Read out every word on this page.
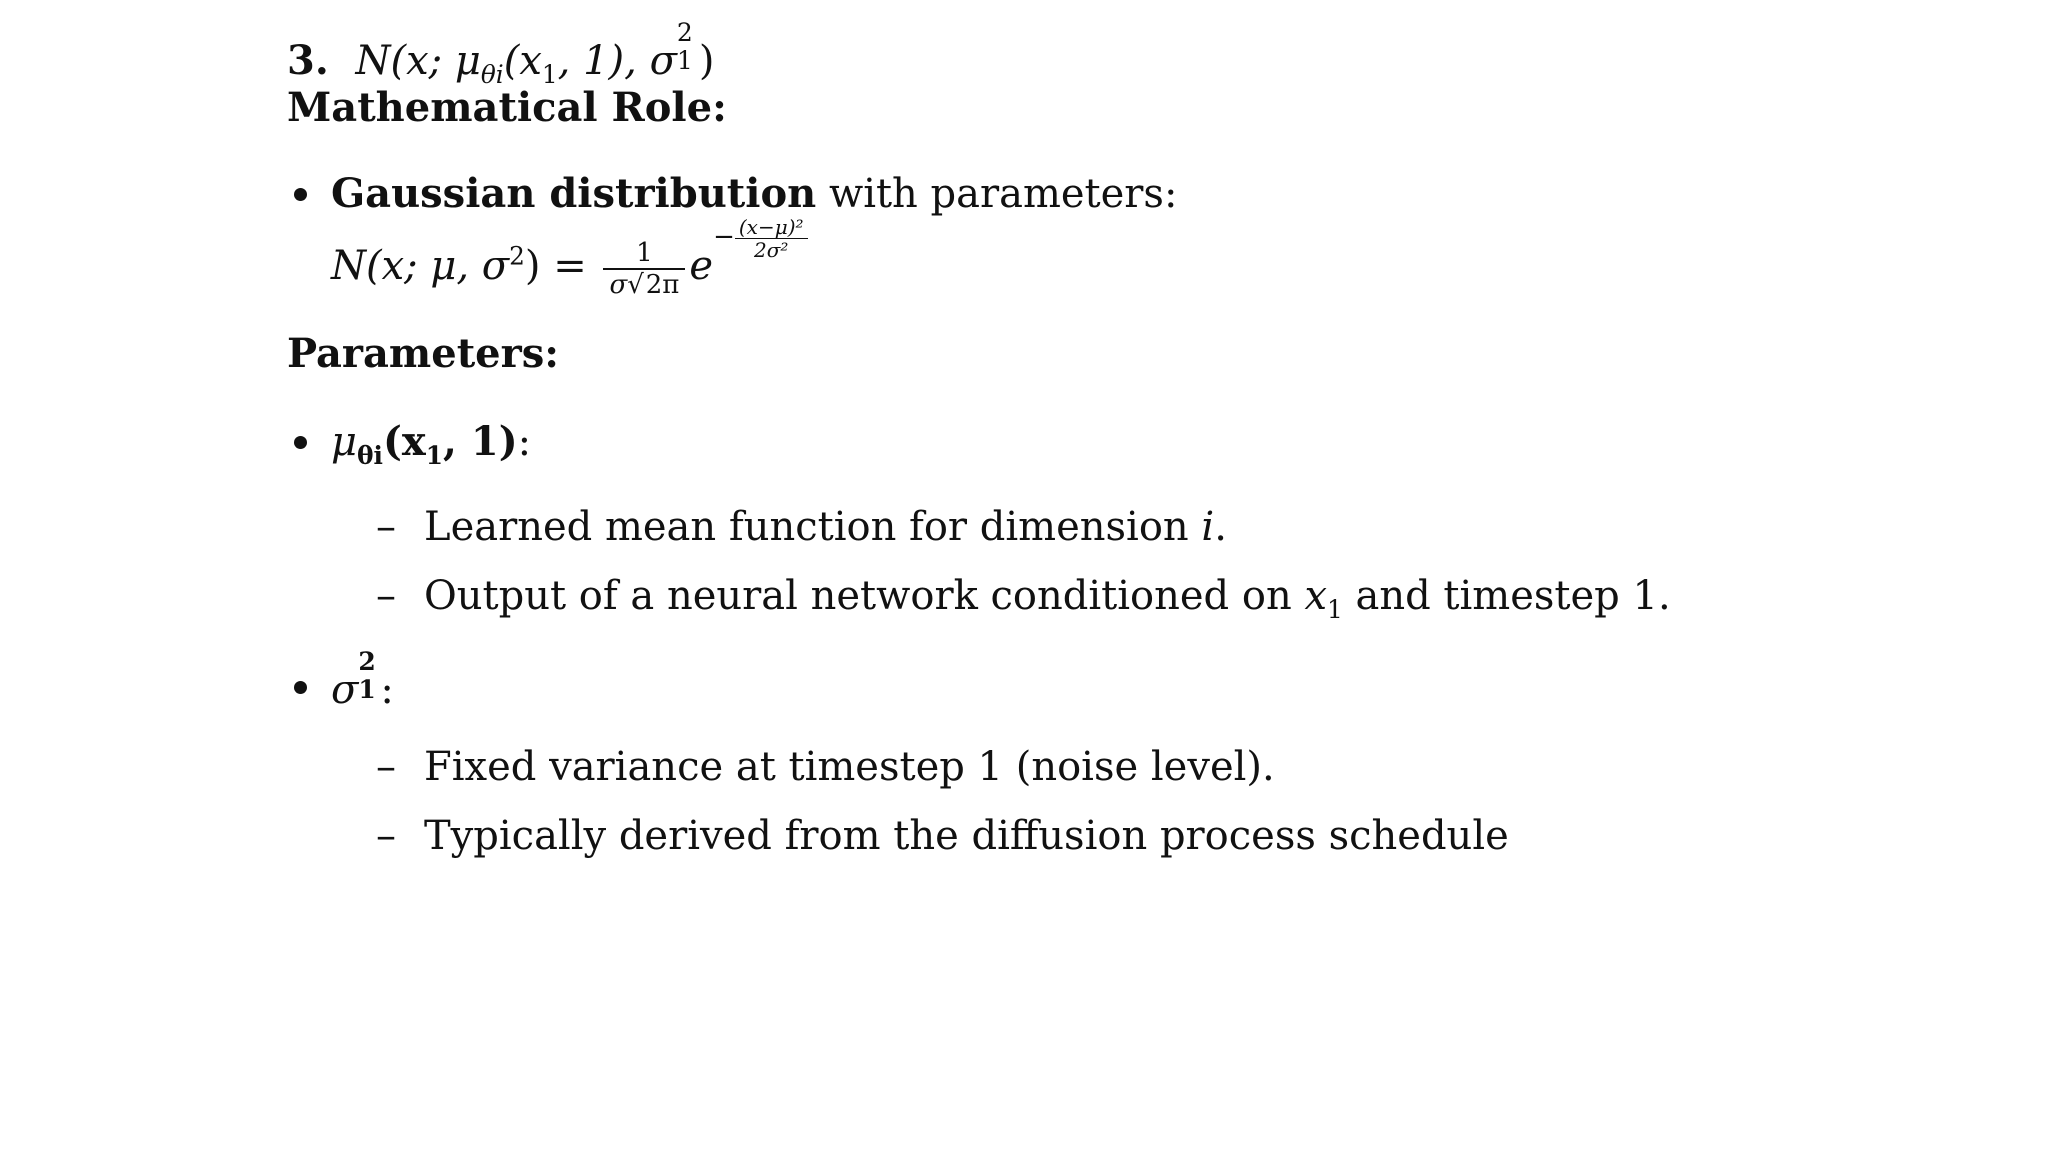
3. N(x; $\mu_{\theta i}(x_1$, 1), σ
2
1 )
Mathematical Role:
Gaussian distribution with parameters:
N(x; μ, $\sigma^2) = \frac{1}{\sigma√2\pi} e- \frac{\text{(x−μ)²}}{\text{2σ²}}$
Parameters:
$\mu_{\theta i}(x_1$, 1):
– Learned mean function for dimension i.
– Output of a neural network conditioned on $x_1$ and timestep 1.
σ
2
1 :
– Fixed variance at timestep 1 (noise level).
– Typically derived from the diffusion process schedule
